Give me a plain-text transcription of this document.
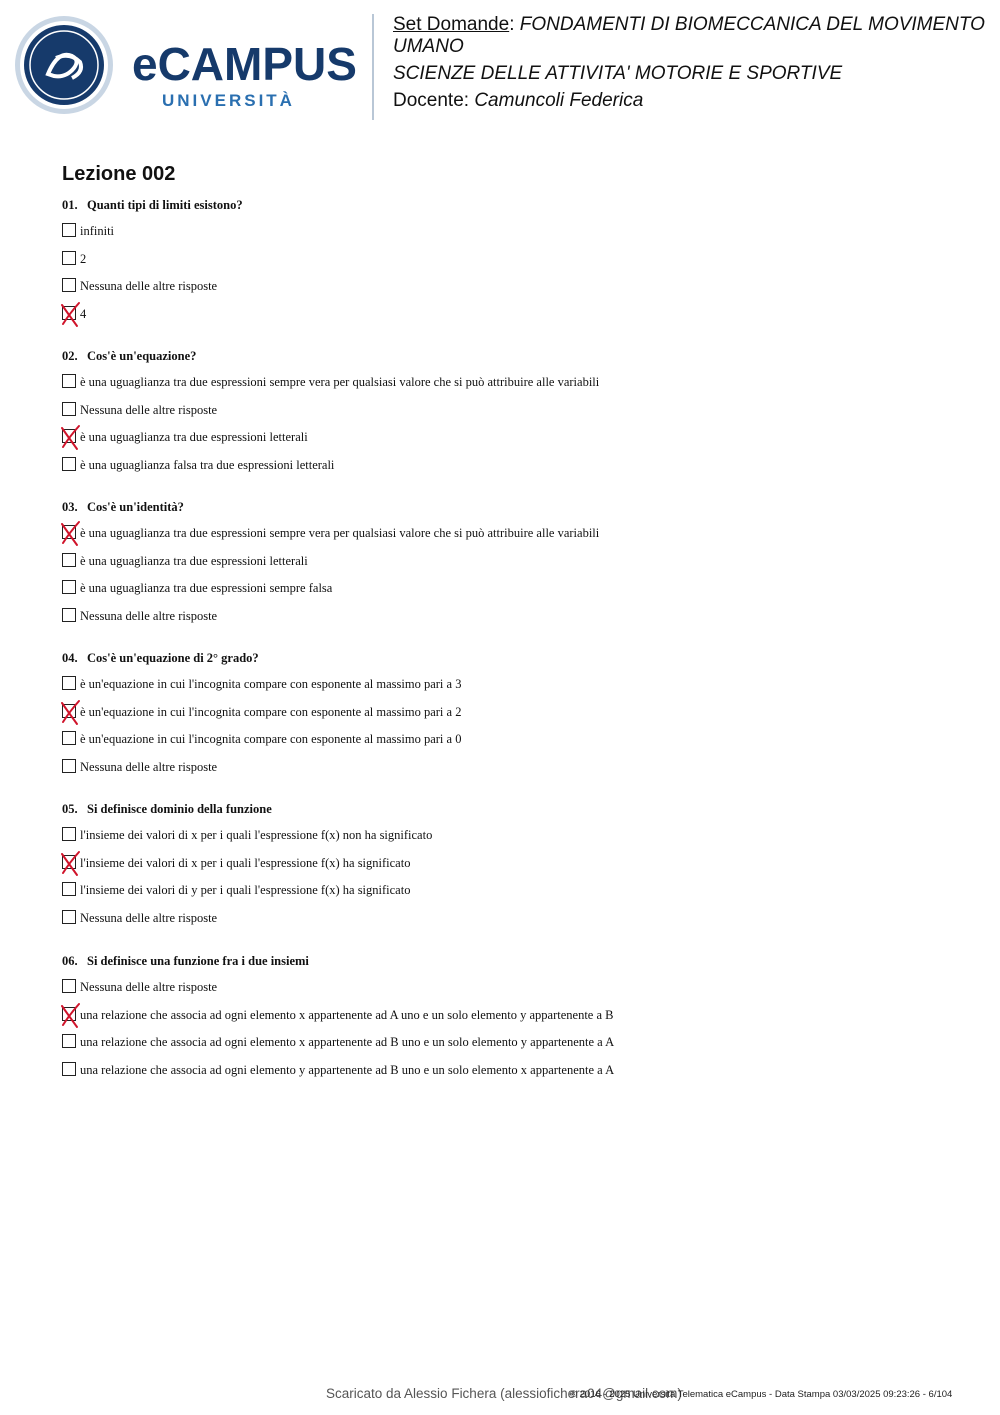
eCAMPUS
UNIVERSITÀ
Set Domande: FONDAMENTI DI BIOMECCANICA DEL MOVIMENTO
UMANO
SCIENZE DELLE ATTIVITA' MOTORIE E SPORTIVE
Docente: Camuncoli Federica
Lezione 002
01. Quanti tipi di limiti esistono?
infiniti
2
Nessuna delle altre risposte
4
02. Cos'è un'equazione?
è una uguaglianza tra due espressioni sempre vera per qualsiasi valore che si può attribuire alle variabili
Nessuna delle altre risposte
è una uguaglianza tra due espressioni letterali
è una uguaglianza falsa tra due espressioni letterali
03. Cos'è un'identità?
è una uguaglianza tra due espressioni sempre vera per qualsiasi valore che si può attribuire alle variabili
è una uguaglianza tra due espressioni letterali
è una uguaglianza tra due espressioni sempre falsa
Nessuna delle altre risposte
04. Cos'è un'equazione di 2° grado?
è un'equazione in cui l'incognita compare con esponente al massimo pari a 3
è un'equazione in cui l'incognita compare con esponente al massimo pari a 2
è un'equazione in cui l'incognita compare con esponente al massimo pari a 0
Nessuna delle altre risposte
05. Si definisce dominio della funzione
l'insieme dei valori di x per i quali l'espressione f(x) non ha significato
l'insieme dei valori di x per i quali l'espressione f(x) ha significato
l'insieme dei valori di y per i quali l'espressione f(x) ha significato
Nessuna delle altre risposte
06. Si definisce una funzione fra i due insiemi
Nessuna delle altre risposte
una relazione che associa ad ogni elemento x appartenente ad A uno e un solo elemento y appartenente a B
una relazione che associa ad ogni elemento x appartenente ad B uno e un solo elemento y appartenente a A
una relazione che associa ad ogni elemento y appartenente ad B uno e un solo elemento x appartenente a A
Scaricato da Alessio Fichera (alessiofichera04@gmail.com)
© 2016 - 2025 Università Telematica eCampus - Data Stampa 03/03/2025 09:23:26 - 6/104
